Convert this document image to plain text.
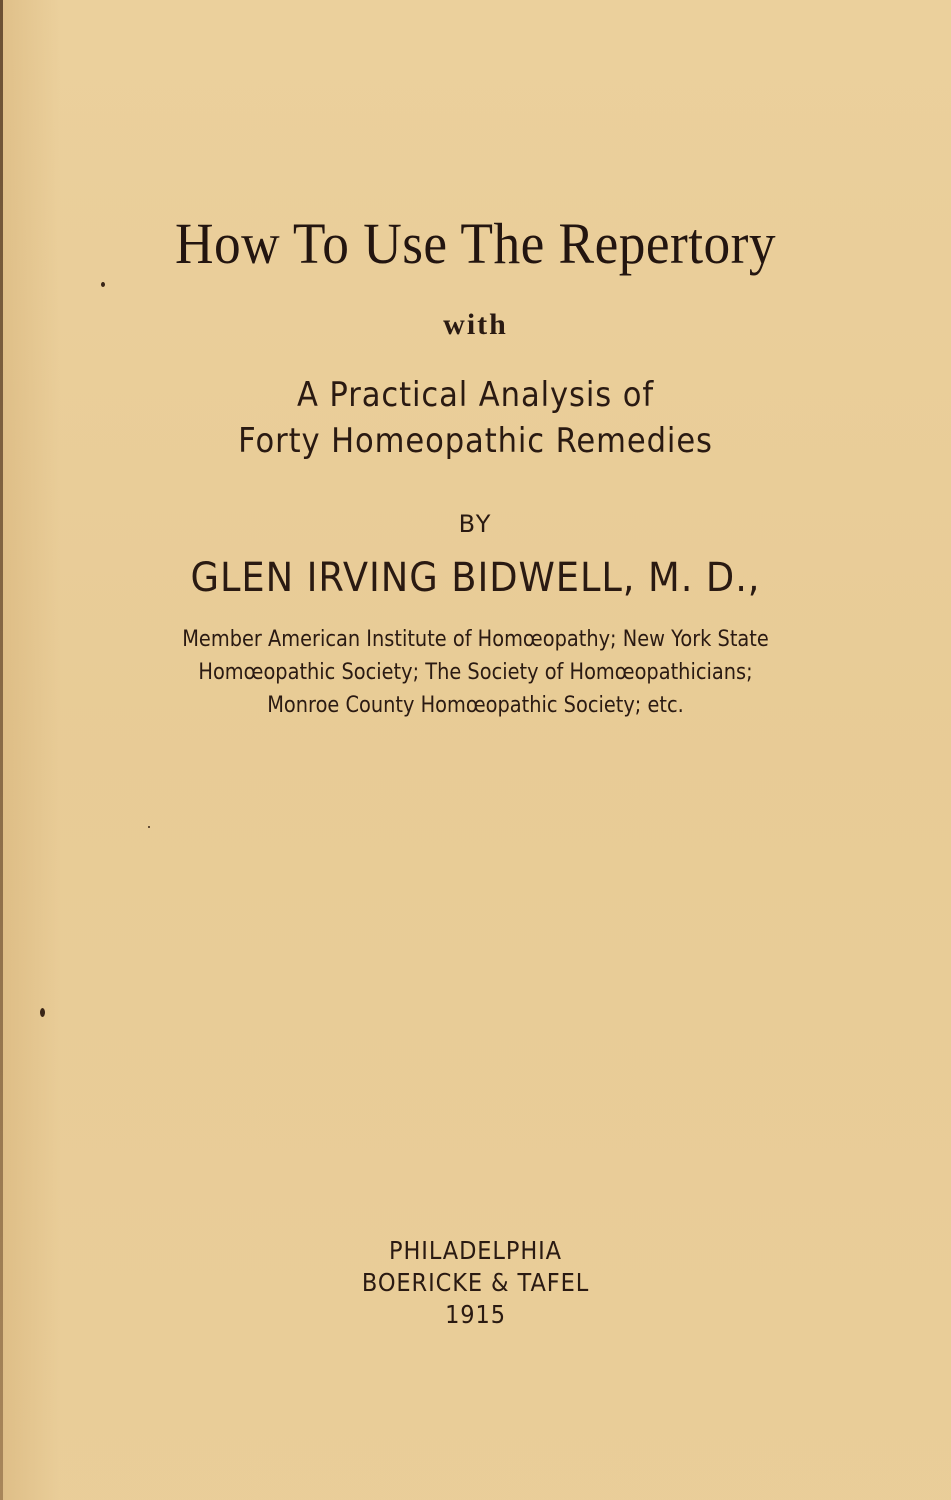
How To Use The Repertory
with
A Practical Analysis of
Forty Homeopathic Remedies
BY
GLEN IRVING BIDWELL, M. D.,
Member American Institute of Homœopathy; New York State
Homœopathic Society; The Society of Homœopathicians;
Monroe County Homœopathic Society; etc.
PHILADELPHIA
BOERICKE & TAFEL
1915
